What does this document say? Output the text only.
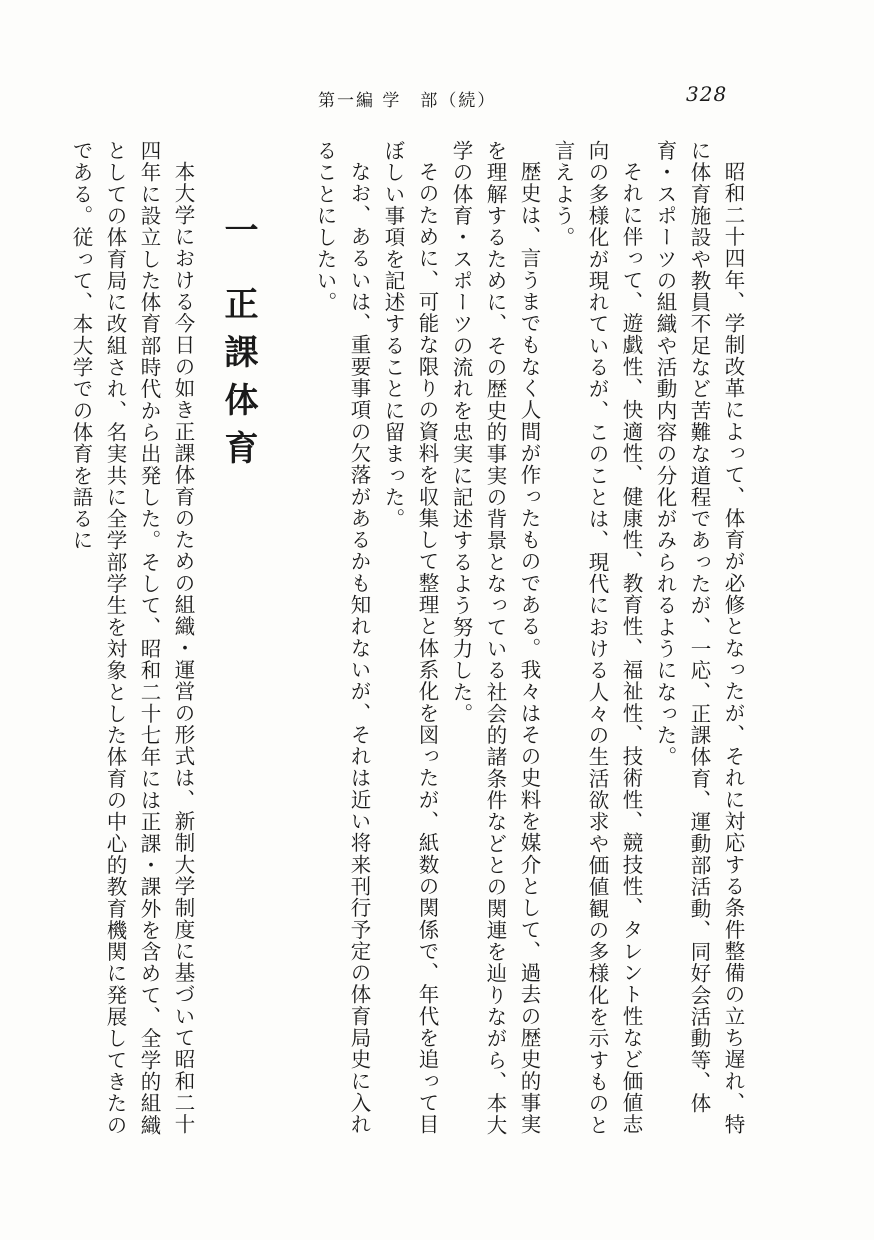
第一編 学　部（続）	328

昭和二十四年、学制改革によって、体育が必修となったが、それに対応する条件整備の立ち遅れ、特に体育施設や教員不足など苦難な道程であったが、一応、正課体育、運動部活動、同好会活動等、体育・スポーツの組織や活動内容の分化がみられるようになった。

それに伴って、遊戯性、快適性、健康性、教育性、福祉性、技術性、競技性、タレント性など価値志向の多様化が現れているが、このことは、現代における人々の生活欲求や価値観の多様化を示すものと言えよう。

歴史は、言うまでもなく人間が作ったものである。我々はその史料を媒介として、過去の歴史的事実を理解するために、その歴史的事実の背景となっている社会的諸条件などとの関連を辿りながら、本大学の体育・スポーツの流れを忠実に記述するよう努力した。

そのために、可能な限りの資料を収集して整理と体系化を図ったが、紙数の関係で、年代を追って目ぼしい事項を記述することに留まった。

なお、あるいは、重要事項の欠落があるかも知れないが、それは近い将来刊行予定の体育局史に入れることにしたい。

一 正課体育

本大学における今日の如き正課体育のための組織・運営の形式は、新制大学制度に基づいて昭和二十四年に設立した体育部時代から出発した。そして、昭和二十七年には正課・課外を含めて、全学的組織としての体育局に改組され、名実共に全学部学生を対象とした体育の中心的教育機関に発展してきたのである。従って、本大学での体育を語るに
